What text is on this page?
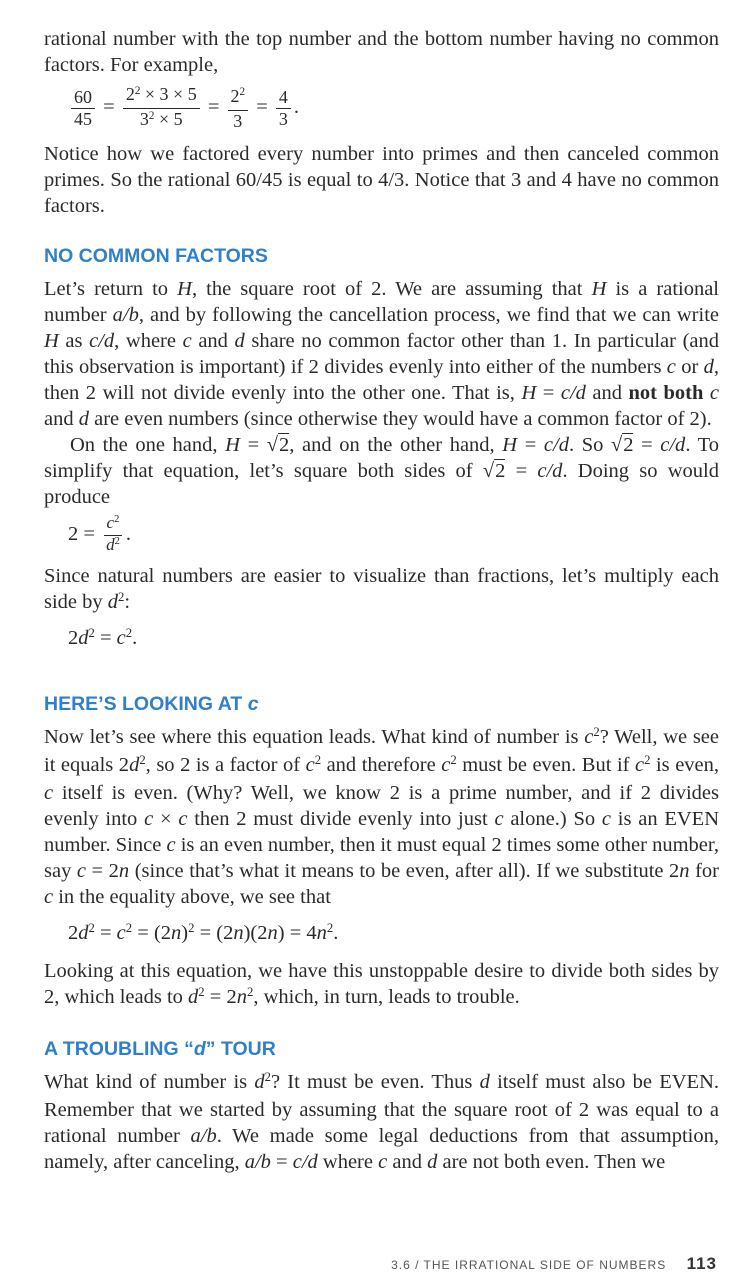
rational number with the top number and the bottom number having no common factors. For example,

$\frac{60}{45} = \frac{2^2 \times 3 \times 5}{3^2 \times 5} = \frac{2^2}{3} = \frac{4}{3}$ .

Notice how we factored every number into primes and then canceled common primes. So the rational 60/45 is equal to 4/3. Notice that 3 and 4 have no common factors.

NO COMMON FACTORS

Let’s return to H, the square root of 2. We are assuming that H is a rational number a/b, and by following the cancellation process, we find that we can write H as c/d, where c and d share no common factor other than 1. In particular (and this observation is important) if 2 divides evenly into either of the numbers c or d, then 2 will not divide evenly into the other one. That is, H = c/d and not both c and d are even numbers (since otherwise they would have a common factor of 2).

On the one hand, H = √2, and on the other hand, H = c/d. So √2 = c/d. To simplify that equation, let’s square both sides of √2 = c/d. Doing so would produce

$2 = \frac{c^2}{d^2}$ .

Since natural numbers are easier to visualize than fractions, let’s multiply each side by $d^2$:

$2d^2 = c^2$.
HERE’S LOOKING AT c

Now let’s see where this equation leads. What kind of number is $c^2$? Well, we see it equals $2d^2$, so 2 is a factor of $c^2$ and therefore $c^2$ must be even. But if $c^2$ is even, c itself is even. (Why? Well, we know 2 is a prime number, and if 2 divides evenly into c × c then 2 must divide evenly into just c alone.) So c is an EVEN number. Since c is an even number, then it must equal 2 times some other number, say c = 2n (since that’s what it means to be even, after all). If we substitute 2n for c in the equality above, we see that

$2d^2 = c^2 = (2n)^2 = (2n)(2n) = 4n^2$.

Looking at this equation, we have this unstoppable desire to divide both sides by 2, which leads to $d^2 = 2n^2$, which, in turn, leads to trouble.

A TROUBLING “d” TOUR

What kind of number is $d^2$? It must be even. Thus d itself must also be EVEN. Remember that we started by assuming that the square root of 2 was equal to a rational number a/b. We made some legal deductions from that assumption, namely, after canceling, a/b = c/d where c and d are not both even. Then we

3.6 / THE IRRATIONAL SIDE OF NUMBERS 113
